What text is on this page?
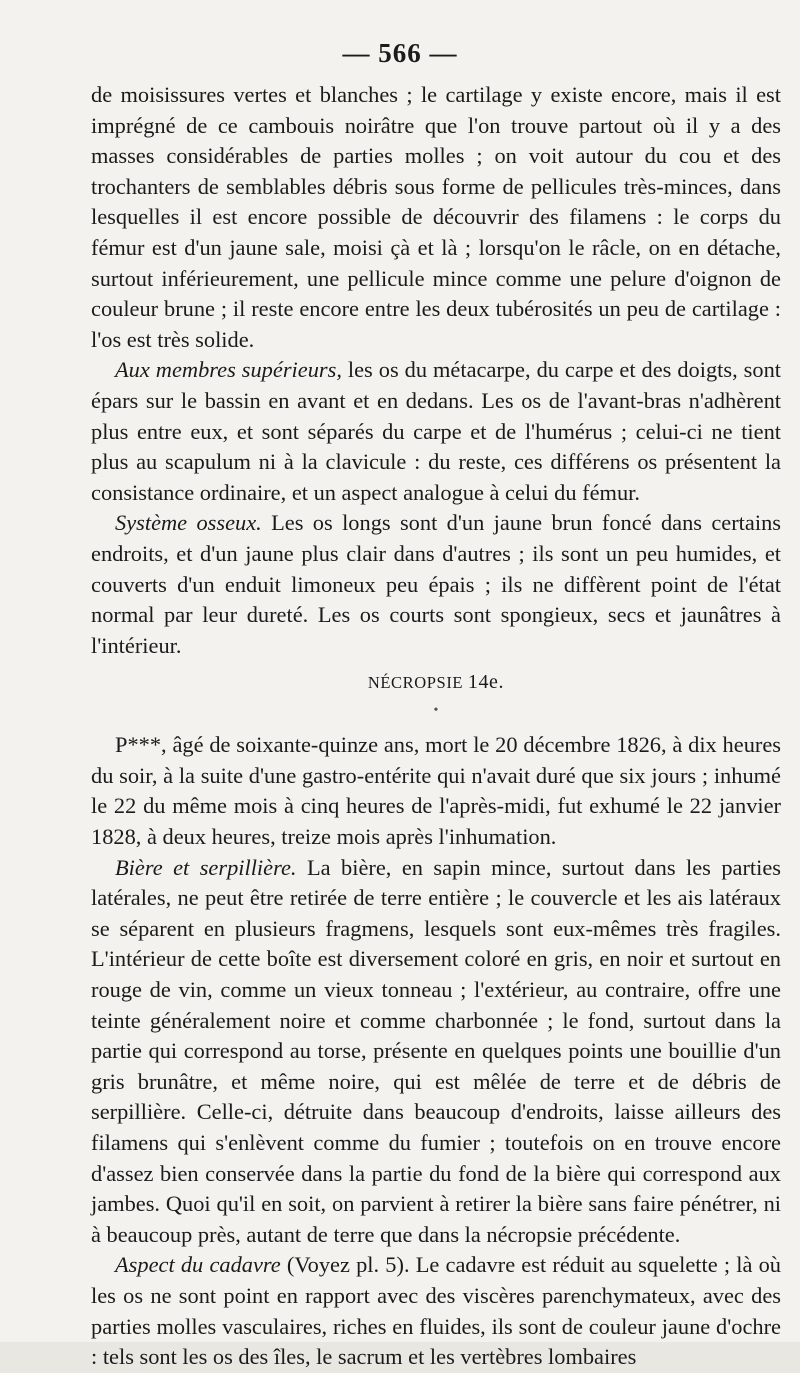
— 566 —

de moisissures vertes et blanches ; le cartilage y existe encore, mais il est imprégné de ce cambouis noirâtre que l'on trouve partout où il y a des masses considérables de parties molles ; on voit autour du cou et des trochanters de semblables débris sous forme de pellicules très-minces, dans lesquelles il est encore possible de découvrir des filamens : le corps du fémur est d'un jaune sale, moisi çà et là ; lorsqu'on le râcle, on en détache, surtout inférieurement, une pellicule mince comme une pelure d'oignon de couleur brune ; il reste encore entre les deux tubérosités un peu de cartilage : l'os est très solide.

Aux membres supérieurs, les os du métacarpe, du carpe et des doigts, sont épars sur le bassin en avant et en dedans. Les os de l'avant-bras n'adhèrent plus entre eux, et sont séparés du carpe et de l'humérus ; celui-ci ne tient plus au scapulum ni à la clavicule : du reste, ces différens os présentent la consistance ordinaire, et un aspect analogue à celui du fémur.

Système osseux. Les os longs sont d'un jaune brun foncé dans certains endroits, et d'un jaune plus clair dans d'autres ; ils sont un peu humides, et couverts d'un enduit limoneux peu épais ; ils ne diffèrent point de l'état normal par leur dureté. Les os courts sont spongieux, secs et jaunâtres à l'intérieur.

NÉCROPSIE 14e.
•

P***, âgé de soixante-quinze ans, mort le 20 décembre 1826, à dix heures du soir, à la suite d'une gastro-entérite qui n'avait duré que six jours ; inhumé le 22 du même mois à cinq heures de l'après-midi, fut exhumé le 22 janvier 1828, à deux heures, treize mois après l'inhumation.

Bière et serpillière. La bière, en sapin mince, surtout dans les parties latérales, ne peut être retirée de terre entière ; le couvercle et les ais latéraux se séparent en plusieurs fragmens, lesquels sont eux-mêmes très fragiles. L'intérieur de cette boîte est diversement coloré en gris, en noir et surtout en rouge de vin, comme un vieux tonneau ; l'extérieur, au contraire, offre une teinte généralement noire et comme charbonnée ; le fond, surtout dans la partie qui correspond au torse, présente en quelques points une bouillie d'un gris brunâtre, et même noire, qui est mêlée de terre et de débris de serpillière. Celle-ci, détruite dans beaucoup d'endroits, laisse ailleurs des filamens qui s'enlèvent comme du fumier ; toutefois on en trouve encore d'assez bien conservée dans la partie du fond de la bière qui correspond aux jambes. Quoi qu'il en soit, on parvient à retirer la bière sans faire pénétrer, ni à beaucoup près, autant de terre que dans la nécropsie précédente.

Aspect du cadavre (Voyez pl. 5). Le cadavre est réduit au squelette ; là où les os ne sont point en rapport avec des viscères parenchymateux, avec des parties molles vasculaires, riches en fluides, ils sont de couleur jaune d'ochre : tels sont les os des îles, le sacrum et les vertèbres lombaires
